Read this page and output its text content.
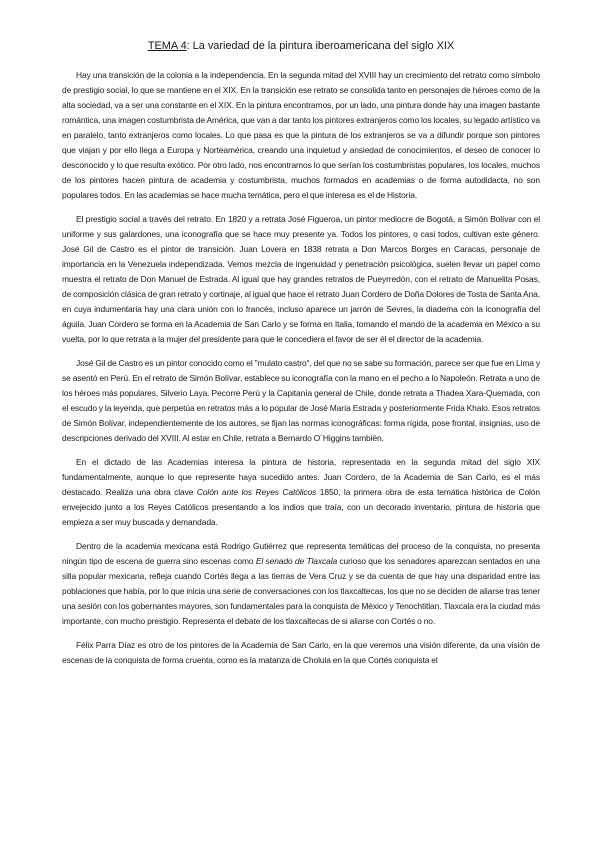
TEMA 4: La variedad de la pintura iberoamericana del siglo XIX

Hay una transición de la colonia a la independencia. En la segunda mitad del XVIII hay un crecimiento del retrato como símbolo de prestigio social, lo que se mantiene en el XIX. En la transición ese retrato se consolida tanto en personajes de héroes como de la alta sociedad, va a ser una constante en el XIX. En la pintura encontramos, por un lado, una pintura donde hay una imagen bastante romántica, una imagen costumbrista de América, que van a dar tanto los pintores extranjeros como los locales, su legado artístico va en paralelo, tanto extranjeros como locales. Lo que pasa es que la pintura de los extranjeros se va a difundir porque son pintores que viajan y por ello llega a Europa y Norteamérica, creando una inquietud y ansiedad de conocimientos, el deseo de conocer lo desconocido y lo que resulta exótico. Por otro lado, nos encontramos lo que serían los costumbristas populares, los locales, muchos de los pintores hacen pintura de academia y costumbrista, muchos formados en academias o de forma autodidacta, no son populares todos. En las academias se hace mucha temática, pero el que interesa es el de Historia.

El prestigio social a través del retrato. En 1820 y a retrata José Figueroa, un pintor mediocre de Bogotá, a Simón Bolívar con el uniforme y sus galardones, una iconografía que se hace muy presente ya. Todos los pintores, o casi todos, cultivan este género. José Gil de Castro es el pintor de transición. Juan Lovera en 1838 retrata a Don Marcos Borges en Caracas, personaje de importancia en la Venezuela independizada. Vemos mezcla de ingenuidad y penetración psicológica, suelen llevar un papel como muestra el retrato de Don Manuel de Estrada. Al igual que hay grandes retratos de Pueyrredón, con el retrato de Manuelita Posas, de composición clásica de gran retrato y cortinaje, al igual que hace el retrato Juan Cordero de Doña Dolores de Tosta de Santa Ana, en cuya indumentaria hay una clara unión con lo francés, incluso aparece un jarrón de Sevres, la diadema con la iconografía del águila. Juan Cordero se forma en la Academia de San Carlo y se forma en Italia, tomando el mando de la academia en México a su vuelta, por lo que retrata a la mujer del presidente para que le concediera el favor de ser él el director de la academia.

José Gil de Castro es un pintor conocido como el "mulato castro", del que no se sabe su formación, parece ser que fue en Lima y se asentó en Perú. En el retrato de Simón Bolívar, establece su iconografía con la mano en el pecho a lo Napoleón. Retrata a uno de los héroes más populares, Silverio Laya. Pecorre Perú y la Capitanía general de Chile, donde retrata a Thadea Xara-Quemada, con el escudo y la leyenda, que perpetúa en retratos más a lo popular de José María Estrada y posteriormente Frida Khalo. Esos retratos de Simón Bolívar, independientemente de los autores, se fijan las normas iconográficas: forma rígida, pose frontal, insignias, uso de descripciones derivado del XVIII. Al estar en Chile, retrata a Bernardo O´Higgins también.

En el dictado de las Academias interesa la pintura de historia, representada en la segunda mitad del siglo XIX fundamentalmente, aunque lo que represente haya sucedido antes. Juan Cordero, de la Academia de San Carlo, es el más destacado. Realiza una obra clave Colón ante los Reyes Católicos 1850, la primera obra de esta temática histórica de Colón envejecido junto a los Reyes Católicos presentando a los indios que traía, con un decorado inventario, pintura de historia que empieza a ser muy buscada y demandada.

Dentro de la academia mexicana está Rodrigo Gutiérrez que representa temáticas del proceso de la conquista, no presenta ningún tipo de escena de guerra sino escenas como El senado de Tlaxcala curioso que los senadores aparezcan sentados en una silla popular mexicana, refleja cuando Cortés llega a las tierras de Vera Cruz y se da cuenta de que hay una disparidad entre las poblaciones que había, por lo que inicia una serie de conversaciones con los tlaxcaltecas, los que no se deciden de aliarse tras tener una sesión con los gobernantes mayores, son fundamentales para la conquista de México y Tenochtitlan. Tlaxcala era la ciudad más importante, con mucho prestigio. Representa el debate de los tlaxcaltecas de si aliarse con Cortés o no.

Félix Parra Díaz es otro de los pintores de la Academia de San Carlo, en la que veremos una visión diferente, da una visión de escenas de la conquista de forma cruenta, como es la matanza de Cholula en la que Cortés conquista el
